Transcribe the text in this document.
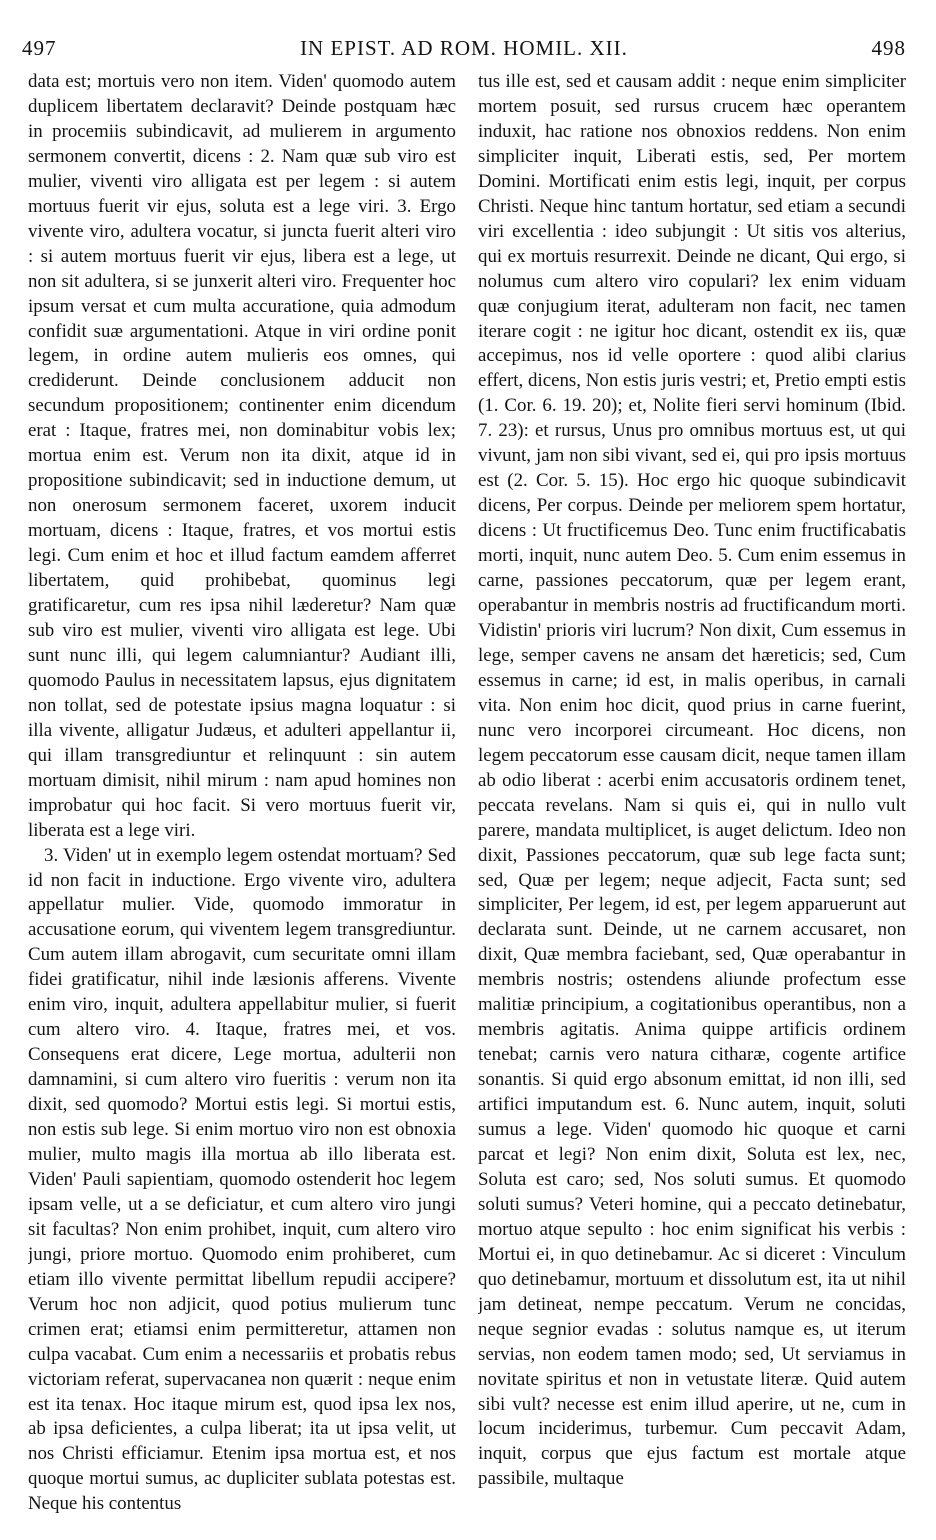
497	IN EPIST. AD ROM. HOMIL. XII.	498

data est; mortuis vero non item. Viden' quomodo autem duplicem libertatem declaravit? Deinde postquam hæc in procemiis subindicavit, ad mulierem in argumento sermonem convertit, dicens : 2. Nam quæ sub viro est mulier, viventi viro alligata est per legem : si autem mortuus fuerit vir ejus, soluta est a lege viri. 3. Ergo vivente viro, adultera vocatur, si juncta fuerit alteri viro : si autem mortuus fuerit vir ejus, libera est a lege, ut non sit adultera, si se junxerit alteri viro. Frequenter hoc ipsum versat et cum multa accuratione, quia admodum confidit suæ argumentationi. Atque in viri ordine ponit legem, in ordine autem mulieris eos omnes, qui crediderunt. Deinde conclusionem adducit non secundum propositionem; continenter enim dicendum erat : Itaque, fratres mei, non dominabitur vobis lex; mortua enim est. Verum non ita dixit, atque id in propositione subindicavit; sed in inductione demum, ut non onerosum sermonem faceret, uxorem inducit mortuam, dicens : Itaque, fratres, et vos mortui estis legi. Cum enim et hoc et illud factum eamdem afferret libertatem, quid prohibebat, quominus legi gratificaretur, cum res ipsa nihil læderetur? Nam quæ sub viro est mulier, viventi viro alligata est lege. Ubi sunt nunc illi, qui legem calumniantur? Audiant illi, quomodo Paulus in necessitatem lapsus, ejus dignitatem non tollat, sed de potestate ipsius magna loquatur : si illa vivente, alligatur Judæus, et adulteri appellantur ii, qui illam transgrediuntur et relinquunt : sin autem mortuam dimisit, nihil mirum : nam apud homines non improbatur qui hoc facit. Si vero mortuus fuerit vir, liberata est a lege viri.

3. Viden' ut in exemplo legem ostendat mortuam? Sed id non facit in inductione. Ergo vivente viro, adultera appellatur mulier. Vide, quomodo immoratur in accusatione eorum, qui viventem legem transgrediuntur. Cum autem illam abrogavit, cum securitate omni illam fidei gratificatur, nihil inde læsionis afferens. Vivente enim viro, inquit, adultera appellabitur mulier, si fuerit cum altero viro. 4. Itaque, fratres mei, et vos. Consequens erat dicere, Lege mortua, adulterii non damnamini, si cum altero viro fueritis : verum non ita dixit, sed quomodo? Mortui estis legi. Si mortui estis, non estis sub lege. Si enim mortuo viro non est obnoxia mulier, multo magis illa mortua ab illo liberata est. Viden' Pauli sapientiam, quomodo ostenderit hoc legem ipsam velle, ut a se deficiatur, et cum altero viro jungi sit facultas? Non enim prohibet, inquit, cum altero viro jungi, priore mortuo. Quomodo enim prohiberet, cum etiam illo vivente permittat libellum repudii accipere? Verum hoc non adjicit, quod potius mulierum tunc crimen erat; etiamsi enim permitteretur, attamen non culpa vacabat. Cum enim a necessariis et probatis rebus victoriam referat, supervacanea non quærit : neque enim est ita tenax. Hoc itaque mirum est, quod ipsa lex nos, ab ipsa deficientes, a culpa liberat; ita ut ipsa velit, ut nos Christi efficiamur. Etenim ipsa mortua est, et nos quoque mortui sumus, ac dupliciter sublata potestas est. Neque his contentus

tus ille est, sed et causam addit : neque enim simpliciter mortem posuit, sed rursus crucem hæc operantem induxit, hac ratione nos obnoxios reddens. Non enim simpliciter inquit, Liberati estis, sed, Per mortem Domini. Mortificati enim estis legi, inquit, per corpus Christi. Neque hinc tantum hortatur, sed etiam a secundi viri excellentia : ideo subjungit : Ut sitis vos alterius, qui ex mortuis resurrexit. Deinde ne dicant, Qui ergo, si nolumus cum altero viro copulari? lex enim viduam quæ conjugium iterat, adulteram non facit, nec tamen iterare cogit : ne igitur hoc dicant, ostendit ex iis, quæ accepimus, nos id velle oportere : quod alibi clarius effert, dicens, Non estis juris vestri; et, Pretio empti estis (1. Cor. 6. 19. 20); et, Nolite fieri servi hominum (Ibid. 7. 23): et rursus, Unus pro omnibus mortuus est, ut qui vivunt, jam non sibi vivant, sed ei, qui pro ipsis mortuus est (2. Cor. 5. 15). Hoc ergo hic quoque subindicavit dicens, Per corpus. Deinde per meliorem spem hortatur, dicens : Ut fructificemus Deo. Tunc enim fructificabatis morti, inquit, nunc autem Deo. 5. Cum enim essemus in carne, passiones peccatorum, quæ per legem erant, operabantur in membris nostris ad fructificandum morti. Vidistin' prioris viri lucrum? Non dixit, Cum essemus in lege, semper cavens ne ansam det hæreticis; sed, Cum essemus in carne; id est, in malis operibus, in carnali vita. Non enim hoc dicit, quod prius in carne fuerint, nunc vero incorporei circumeant. Hoc dicens, non legem peccatorum esse causam dicit, neque tamen illam ab odio liberat : acerbi enim accusatoris ordinem tenet, peccata revelans. Nam si quis ei, qui in nullo vult parere, mandata multiplicet, is auget delictum. Ideo non dixit, Passiones peccatorum, quæ sub lege facta sunt; sed, Quæ per legem; neque adjecit, Facta sunt; sed simpliciter, Per legem, id est, per legem apparuerunt aut declarata sunt. Deinde, ut ne carnem accusaret, non dixit, Quæ membra faciebant, sed, Quæ operabantur in membris nostris; ostendens aliunde profectum esse malitiæ principium, a cogitationibus operantibus, non a membris agitatis. Anima quippe artificis ordinem tenebat; carnis vero natura citharæ, cogente artifice sonantis. Si quid ergo absonum emittat, id non illi, sed artifici imputandum est. 6. Nunc autem, inquit, soluti sumus a lege. Viden' quomodo hic quoque et carni parcat et legi? Non enim dixit, Soluta est lex, nec, Soluta est caro; sed, Nos soluti sumus. Et quomodo soluti sumus? Veteri homine, qui a peccato detinebatur, mortuo atque sepulto : hoc enim significat his verbis : Mortui ei, in quo detinebamur. Ac si diceret : Vinculum quo detinebamur, mortuum et dissolutum est, ita ut nihil jam detineat, nempe peccatum. Verum ne concidas, neque segnior evadas : solutus namque es, ut iterum servias, non eodem tamen modo; sed, Ut serviamus in novitate spiritus et non in vetustate literæ. Quid autem sibi vult? necesse est enim illud aperire, ut ne, cum in locum inciderimus, turbemur. Cum peccavit Adam, inquit, corpus que ejus factum est mortale atque passibile, multaque
